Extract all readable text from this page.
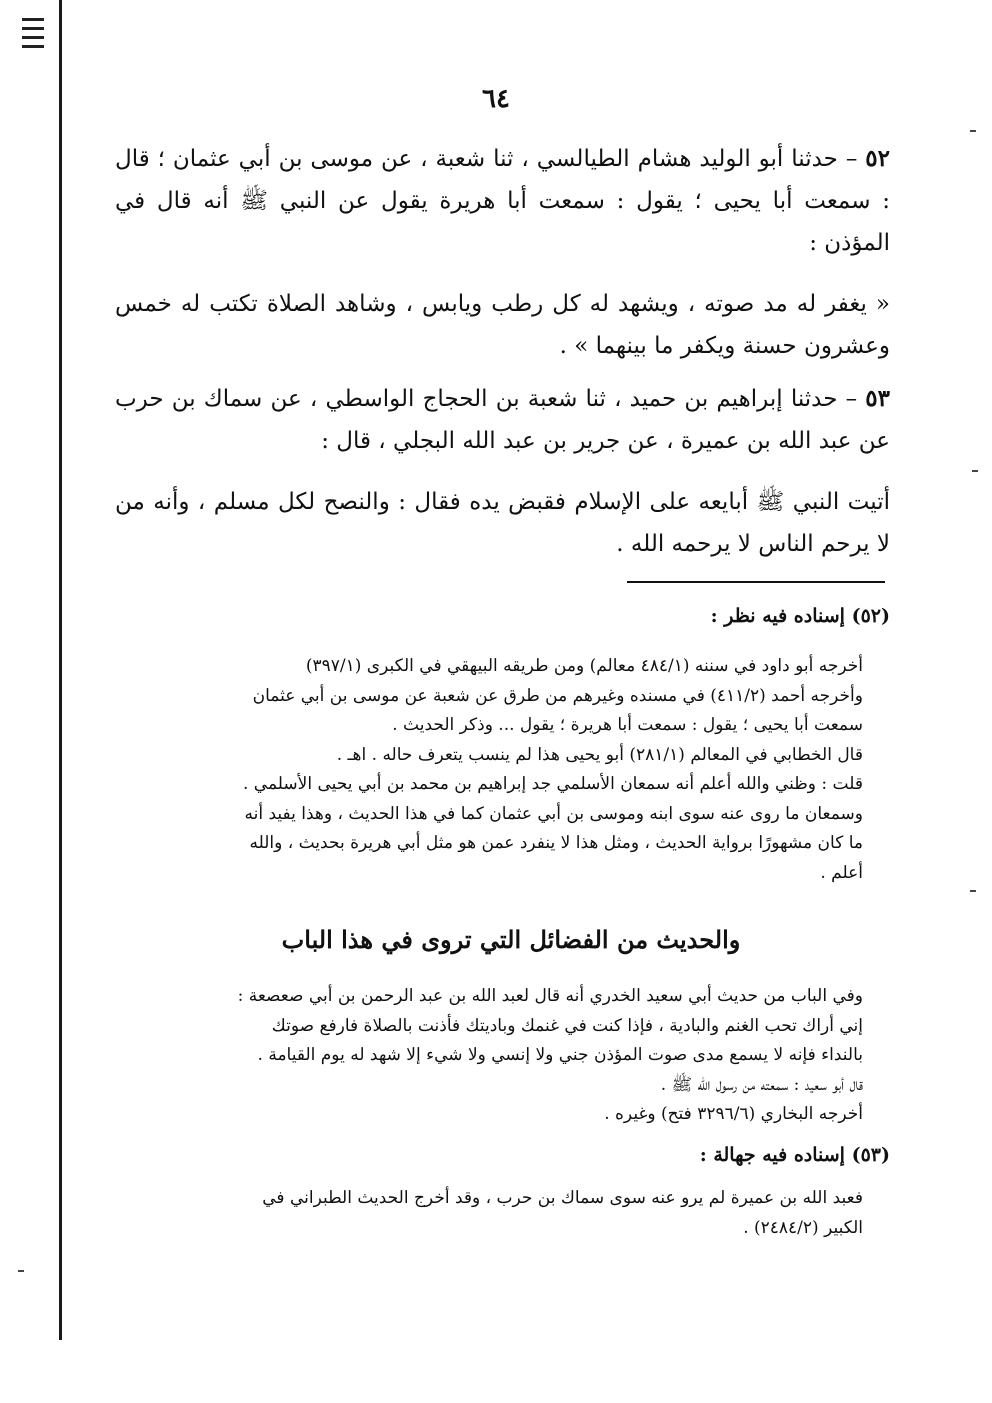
٦٤

٥٢ – حدثنا أبو الوليد هشام الطيالسي ، ثنا شعبة ، عن موسى بن أبي عثمان ؛ قال : سمعت أبا يحيى ؛ يقول : سمعت أبا هريرة يقول عن النبي ﷺ أنه قال في المؤذن :

« يغفر له مد صوته ، ويشهد له كل رطب ويابس ، وشاهد الصلاة تكتب له خمس وعشرون حسنة ويكفر ما بينهما » .

٥٣ – حدثنا إبراهيم بن حميد ، ثنا شعبة بن الحجاج الواسطي ، عن سماك بن حرب عن عبد الله بن عميرة ، عن جرير بن عبد الله البجلي ، قال :

أتيت النبي ﷺ أبايعه على الإسلام فقبض يده فقال : والنصح لكل مسلم ، وأنه من لا يرحم الناس لا يرحمه الله .

(٥٢) إسناده فيه نظر :
أخرجه أبو داود في سننه (٤٨٤/١ معالم) ومن طريقه البيهقي في الكبرى (٣٩٧/١)
وأخرجه أحمد (٤١١/٢) في مسنده وغيرهم من طرق عن شعبة عن موسى بن أبي عثمان
سمعت أبا يحيى ؛ يقول : سمعت أبا هريرة ؛ يقول ... وذكر الحديث .
قال الخطابي في المعالم (٢٨١/١) أبو يحيى هذا لم ينسب يتعرف حاله . اهـ .
قلت : وظني والله أعلم أنه سمعان الأسلمي جد إبراهيم بن محمد بن أبي يحيى الأسلمي .
وسمعان ما روى عنه سوى ابنه وموسى بن أبي عثمان كما في هذا الحديث ، وهذا يفيد أنه
ما كان مشهورًا برواية الحديث ، ومثل هذا لا ينفرد عمن هو مثل أبي هريرة بحديث ، والله
أعلم .
والحديث من الفضائل التي تروى في هذا الباب
وفي الباب من حديث أبي سعيد الخدري أنه قال لعبد الله بن عبد الرحمن بن أبي صعصعة :
إني أراك تحب الغنم والبادية ، فإذا كنت في غنمك وباديتك فأذنت بالصلاة فارفع صوتك
بالنداء فإنه لا يسمع مدى صوت المؤذن جني ولا إنسي ولا شيء إلا شهد له يوم القيامة .
قال أبو سعيد : سمعته من رسول الله ﷺ .
أخرجه البخاري (٣٢٩٦/٦ فتح) وغيره .
(٥٣) إسناده فيه جهالة :
فعبد الله بن عميرة لم يرو عنه سوى سماك بن حرب ، وقد أخرج الحديث الطبراني في
الكبير (٢٤٨٤/٢) .
